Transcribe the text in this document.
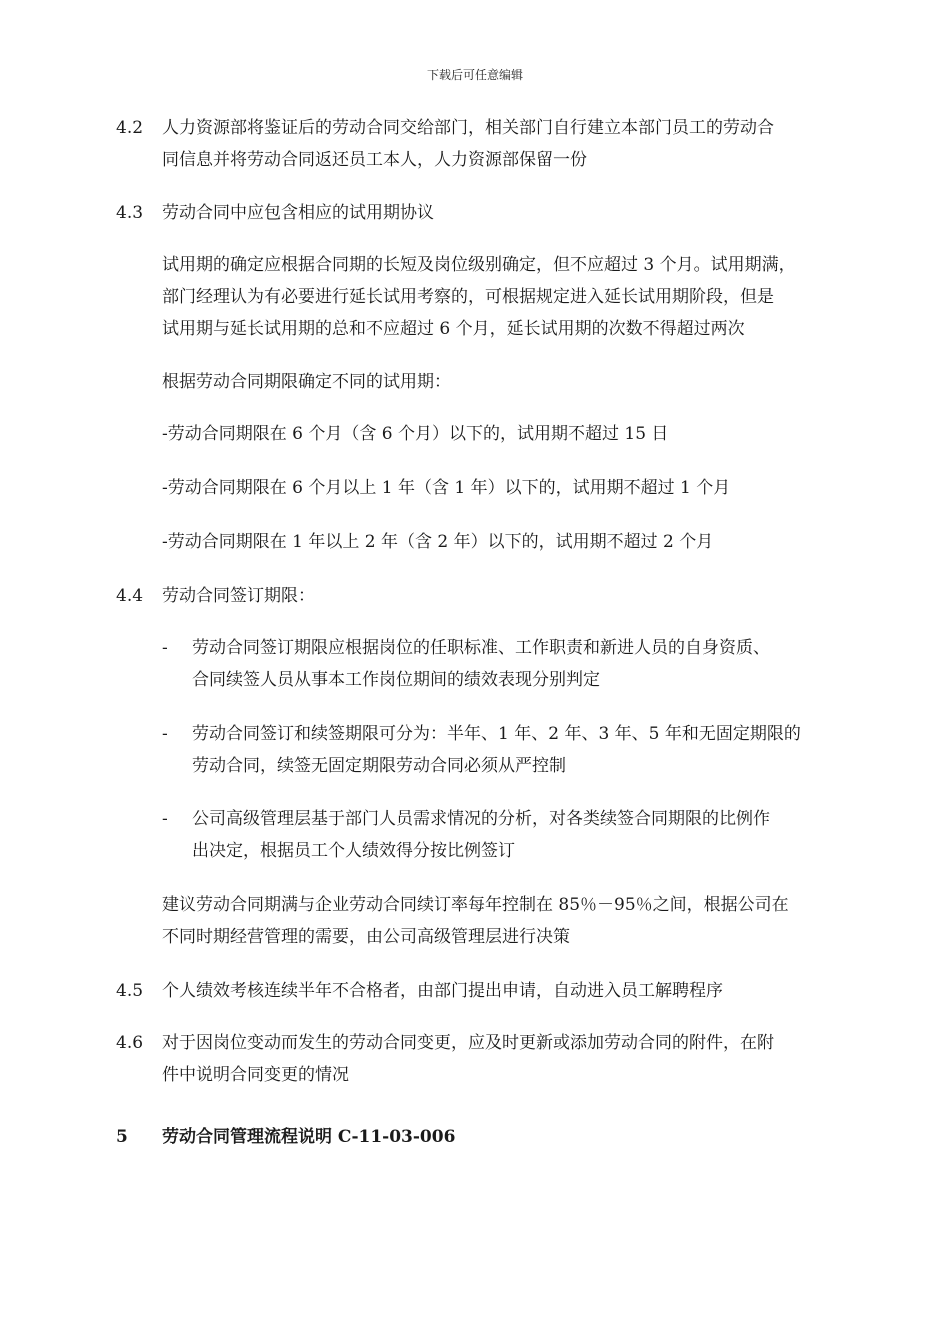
下载后可任意编辑
4.2 人力资源部将鉴证后的劳动合同交给部门，相关部门自行建立本部门员工的劳动合
同信息并将劳动合同返还员工本人，人力资源部保留一份
4.3 劳动合同中应包含相应的试用期协议
试用期的确定应根据合同期的长短及岗位级别确定，但不应超过 3 个月。试用期满，
部门经理认为有必要进行延长试用考察的，可根据规定进入延长试用期阶段，但是
试用期与延长试用期的总和不应超过 6 个月，延长试用期的次数不得超过两次
根据劳动合同期限确定不同的试用期：
-劳动合同期限在 6 个月（含 6 个月）以下的，试用期不超过 15 日
-劳动合同期限在 6 个月以上 1 年（含 1 年）以下的，试用期不超过 1 个月
-劳动合同期限在 1 年以上 2 年（含 2 年）以下的，试用期不超过 2 个月
4.4 劳动合同签订期限：
- 劳动合同签订期限应根据岗位的任职标准、工作职责和新进人员的自身资质、
合同续签人员从事本工作岗位期间的绩效表现分别判定
- 劳动合同签订和续签期限可分为：半年、1 年、2 年、3 年、5 年和无固定期限的
劳动合同，续签无固定期限劳动合同必须从严控制
- 公司高级管理层基于部门人员需求情况的分析，对各类续签合同期限的比例作
出决定，根据员工个人绩效得分按比例签订
建议劳动合同期满与企业劳动合同续订率每年控制在 85％－95％之间，根据公司在
不同时期经营管理的需要，由公司高级管理层进行决策
4.5 个人绩效考核连续半年不合格者，由部门提出申请，自动进入员工解聘程序
4.6 对于因岗位变动而发生的劳动合同变更，应及时更新或添加劳动合同的附件，在附
件中说明合同变更的情况
5 劳动合同管理流程说明 C-11-03-006
